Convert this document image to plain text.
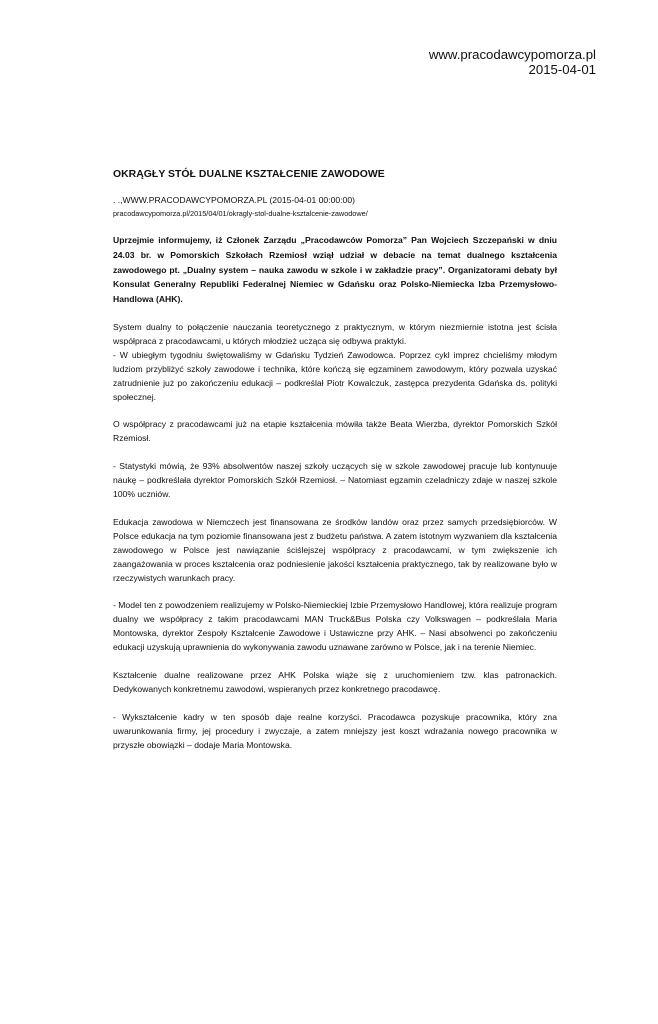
www.pracodawcypomorza.pl
2015-04-01
OKRĄGŁY STÓŁ DUALNE KSZTAŁCENIE ZAWODOWE
. .,WWW.PRACODAWCYPOMORZA.PL (2015-04-01 00:00:00)
pracodawcypomorza.pl/2015/04/01/okragly-stol-dualne-ksztalcenie-zawodowe/
Uprzejmie informujemy, iż Członek Zarządu „Pracodawców Pomorza” Pan Wojciech Szczepański w dniu 24.03 br. w Pomorskich Szkołach Rzemiosł wziął udział w debacie na temat dualnego kształcenia zawodowego pt. „Dualny system – nauka zawodu w szkole i w zakładzie pracy”. Organizatorami debaty był Konsulat Generalny Republiki Federalnej Niemiec w Gdańsku oraz Polsko-Niemiecka Izba Przemysłowo-Handlowa (AHK).
System dualny to połączenie nauczania teoretycznego z praktycznym, w którym niezmiernie istotna jest ścisła współpraca z pracodawcami, u których młodzież ucząca się odbywa praktyki.
- W ubiegłym tygodniu świętowaliśmy w Gdańsku Tydzień Zawodowca. Poprzez cykl imprez chcieliśmy młodym ludziom przybliżyć szkoły zawodowe i technika, które kończą się egzaminem zawodowym, który pozwala uzyskać zatrudnienie już po zakończeniu edukacji – podkreślał Piotr Kowalczuk, zastępca prezydenta Gdańska ds. polityki społecznej.
O współpracy z pracodawcami już na etapie kształcenia mówiła także Beata Wierzba, dyrektor Pomorskich Szkół Rzemiosł.
- Statystyki mówią, że 93% absolwentów naszej szkoły uczących się w szkole zawodowej pracuje lub kontynuuje naukę – podkreślała dyrektor Pomorskich Szkół Rzemiosł. – Natomiast egzamin czeladniczy zdaje w naszej szkole 100% uczniów.
Edukacja zawodowa w Niemczech jest finansowana ze środków landów oraz przez samych przedsiębiorców. W Polsce edukacja na tym poziomie finansowana jest z budżetu państwa. A zatem istotnym wyzwaniem dla kształcenia zawodowego w Polsce jest nawiązanie ściślejszej współpracy z pracodawcami, w tym zwiększenie ich zaangażowania w proces kształcenia oraz podniesienie jakości kształcenia praktycznego, tak by realizowane było w rzeczywistych warunkach pracy.
- Model ten z powodzeniem realizujemy w Polsko-Niemieckiej Izbie Przemysłowo Handlowej, która realizuje program dualny we współpracy z takim pracodawcami MAN Truck&Bus Polska czy Volkswagen – podkreślała Maria Montowska, dyrektor Zespoły Kształcenie Zawodowe i Ustawiczne przy AHK. – Nasi absolwenci po zakończeniu edukacji uzyskują uprawnienia do wykonywania zawodu uznawane zarówno w Polsce, jak i na terenie Niemiec.
Kształcenie dualne realizowane przez AHK Polska wiąże się z uruchomieniem tzw. klas patronackich. Dedykowanych konkretnemu zawodowi, wspieranych przez konkretnego pracodawcę.
- Wykształcenie kadry w ten sposób daje realne korzyści. Pracodawca pozyskuje pracownika, który zna uwarunkowania firmy, jej procedury i zwyczaje, a zatem mniejszy jest koszt wdrażania nowego pracownika w przyszłe obowiązki – dodaje Maria Montowska.
